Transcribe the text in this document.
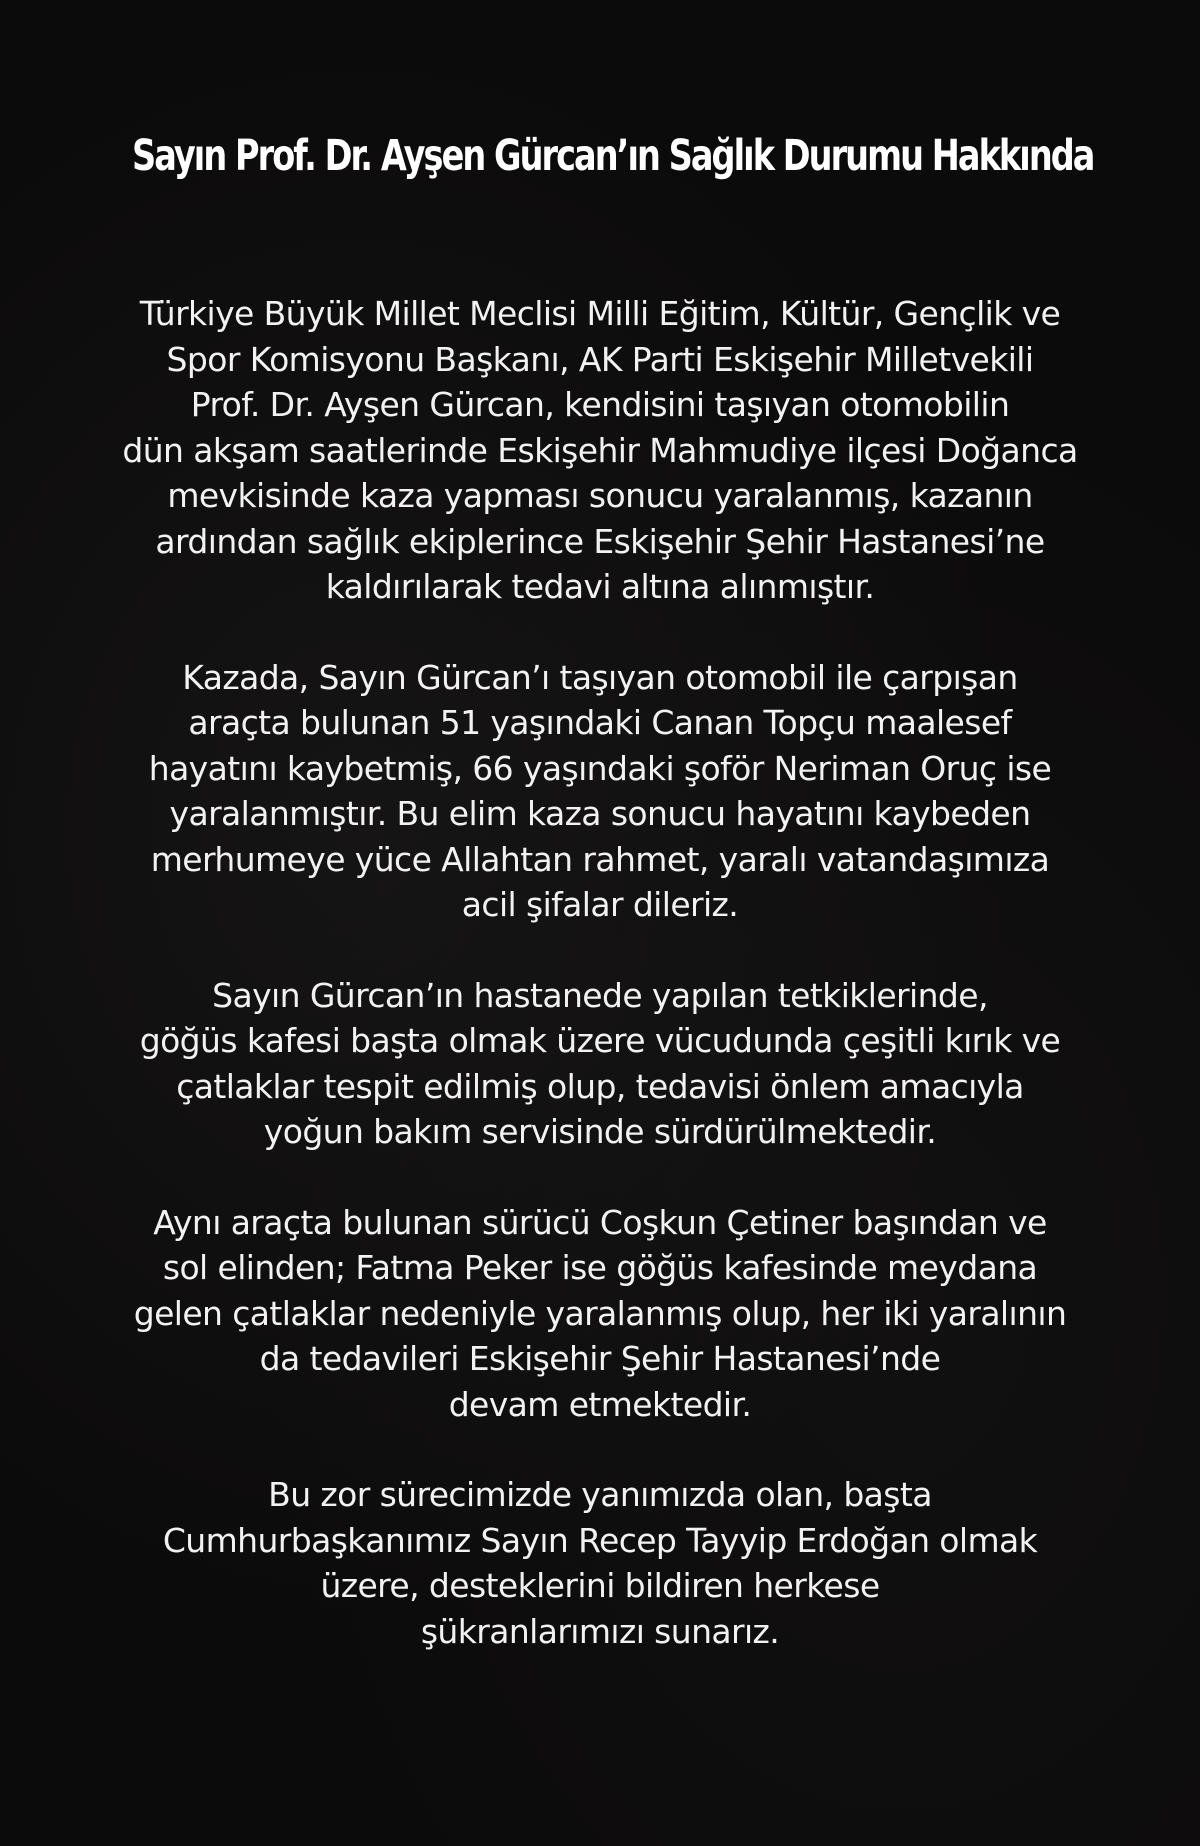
Sayın Prof. Dr. Ayşen Gürcan’ın Sağlık Durumu Hakkında

Türkiye Büyük Millet Meclisi Milli Eğitim, Kültür, Gençlik ve
Spor Komisyonu Başkanı, AK Parti Eskişehir Milletvekili
Prof. Dr. Ayşen Gürcan, kendisini taşıyan otomobilin
dün akşam saatlerinde Eskişehir Mahmudiye ilçesi Doğanca
mevkisinde kaza yapması sonucu yaralanmış, kazanın
ardından sağlık ekiplerince Eskişehir Şehir Hastanesi’ne
kaldırılarak tedavi altına alınmıştır.

Kazada, Sayın Gürcan’ı taşıyan otomobil ile çarpışan
araçta bulunan 51 yaşındaki Canan Topçu maalesef
hayatını kaybetmiş, 66 yaşındaki şoför Neriman Oruç ise
yaralanmıştır. Bu elim kaza sonucu hayatını kaybeden
merhumeye yüce Allahtan rahmet, yaralı vatandaşımıza
acil şifalar dileriz.

Sayın Gürcan’ın hastanede yapılan tetkiklerinde,
göğüs kafesi başta olmak üzere vücudunda çeşitli kırık ve
çatlaklar tespit edilmiş olup, tedavisi önlem amacıyla
yoğun bakım servisinde sürdürülmektedir.

Aynı araçta bulunan sürücü Coşkun Çetiner başından ve
sol elinden; Fatma Peker ise göğüs kafesinde meydana
gelen çatlaklar nedeniyle yaralanmış olup, her iki yaralının
da tedavileri Eskişehir Şehir Hastanesi’nde
devam etmektedir.

Bu zor sürecimizde yanımızda olan, başta
Cumhurbaşkanımız Sayın Recep Tayyip Erdoğan olmak
üzere, desteklerini bildiren herkese
şükranlarımızı sunarız.
